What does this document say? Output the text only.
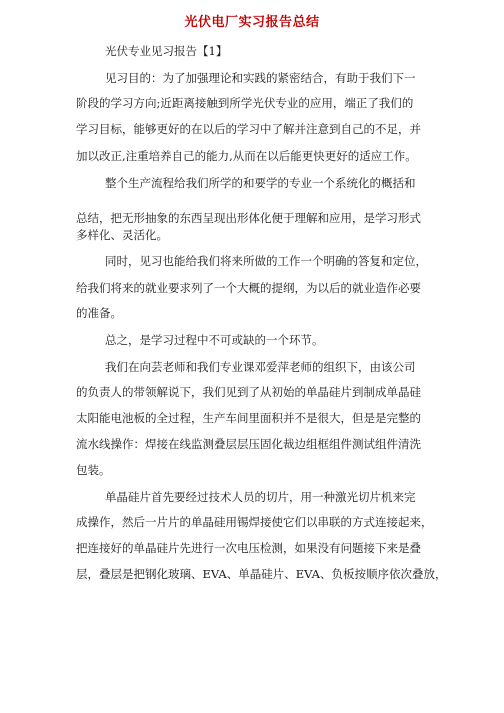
光伏电厂实习报告总结
光伏专业见习报告【1】
见习目的：为了加强理论和实践的紧密结合，有助于我们下一
阶段的学习方向;近距离接触到所学光伏专业的应用，端正了我们的
学习目标，能够更好的在以后的学习中了解并注意到自己的不足，并
加以改正,注重培养自己的能力,从而在以后能更快更好的适应工作。
整个生产流程给我们所学的和要学的专业一个系统化的概括和
总结，把无形抽象的东西呈现出形体化便于理解和应用，是学习形式
多样化、灵活化。
同时，见习也能给我们将来所做的工作一个明确的答复和定位，
给我们将来的就业要求列了一个大概的提纲，为以后的就业造作必要
的准备。
总之，是学习过程中不可或缺的一个环节。
我们在向芸老师和我们专业课邓爱萍老师的组织下，由该公司
的负责人的带领解说下，我们见到了从初始的单晶硅片到制成单晶硅
太阳能电池板的全过程，生产车间里面积并不是很大，但是是完整的
流水线操作：焊接在线监测叠层层压固化裁边组框组件测试组件清洗
包装。
单晶硅片首先要经过技术人员的切片，用一种激光切片机来完
成操作，然后一片片的单晶硅用锡焊接使它们以串联的方式连接起来，
把连接好的单晶硅片先进行一次电压检测，如果没有问题接下来是叠
层，叠层是把钢化玻璃、EVA、单晶硅片、EVA、负板按顺序依次叠放，
